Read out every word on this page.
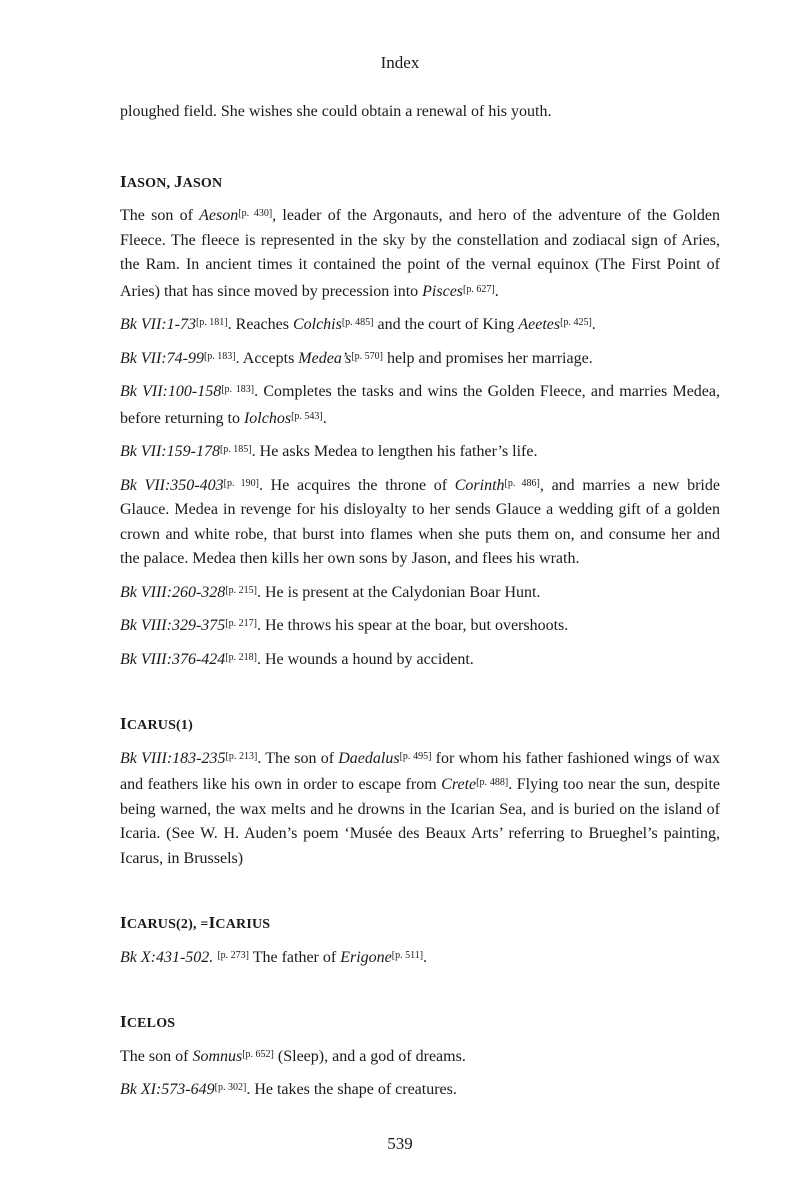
Index

ploughed field. She wishes she could obtain a renewal of his youth.

IASON, JASON

The son of Aeson[p. 430], leader of the Argonauts, and hero of the adventure of the Golden Fleece. The fleece is represented in the sky by the constellation and zodiacal sign of Aries, the Ram. In ancient times it contained the point of the vernal equinox (The First Point of Aries) that has since moved by precession into Pisces[p. 627].

Bk VII:1-73[p. 181]. Reaches Colchis[p. 485] and the court of King Aeetes[p. 425].

Bk VII:74-99[p. 183]. Accepts Medea’s[p. 570] help and promises her marriage.

Bk VII:100-158[p. 183]. Completes the tasks and wins the Golden Fleece, and marries Medea, before returning to Iolchos[p. 543].

Bk VII:159-178[p. 185]. He asks Medea to lengthen his father’s life.

Bk VII:350-403[p. 190]. He acquires the throne of Corinth[p. 486], and marries a new bride Glauce. Medea in revenge for his disloyalty to her sends Glauce a wedding gift of a golden crown and white robe, that burst into flames when she puts them on, and consume her and the palace. Medea then kills her own sons by Jason, and flees his wrath.

Bk VIII:260-328[p. 215]. He is present at the Calydonian Boar Hunt.

Bk VIII:329-375[p. 217]. He throws his spear at the boar, but overshoots.

Bk VIII:376-424[p. 218]. He wounds a hound by accident.

ICARUS(1)

Bk VIII:183-235[p. 213]. The son of Daedalus[p. 495] for whom his father fashioned wings of wax and feathers like his own in order to escape from Crete[p. 488]. Flying too near the sun, despite being warned, the wax melts and he drowns in the Icarian Sea, and is buried on the island of Icaria. (See W. H. Auden’s poem ‘Musée des Beaux Arts’ referring to Brueghel’s painting, Icarus, in Brussels)

ICARUS(2), =ICARIUS

Bk X:431-502. [p. 273] The father of Erigone[p. 511].

ICELOS

The son of Somnus[p. 652] (Sleep), and a god of dreams.

Bk XI:573-649[p. 302]. He takes the shape of creatures.

539
